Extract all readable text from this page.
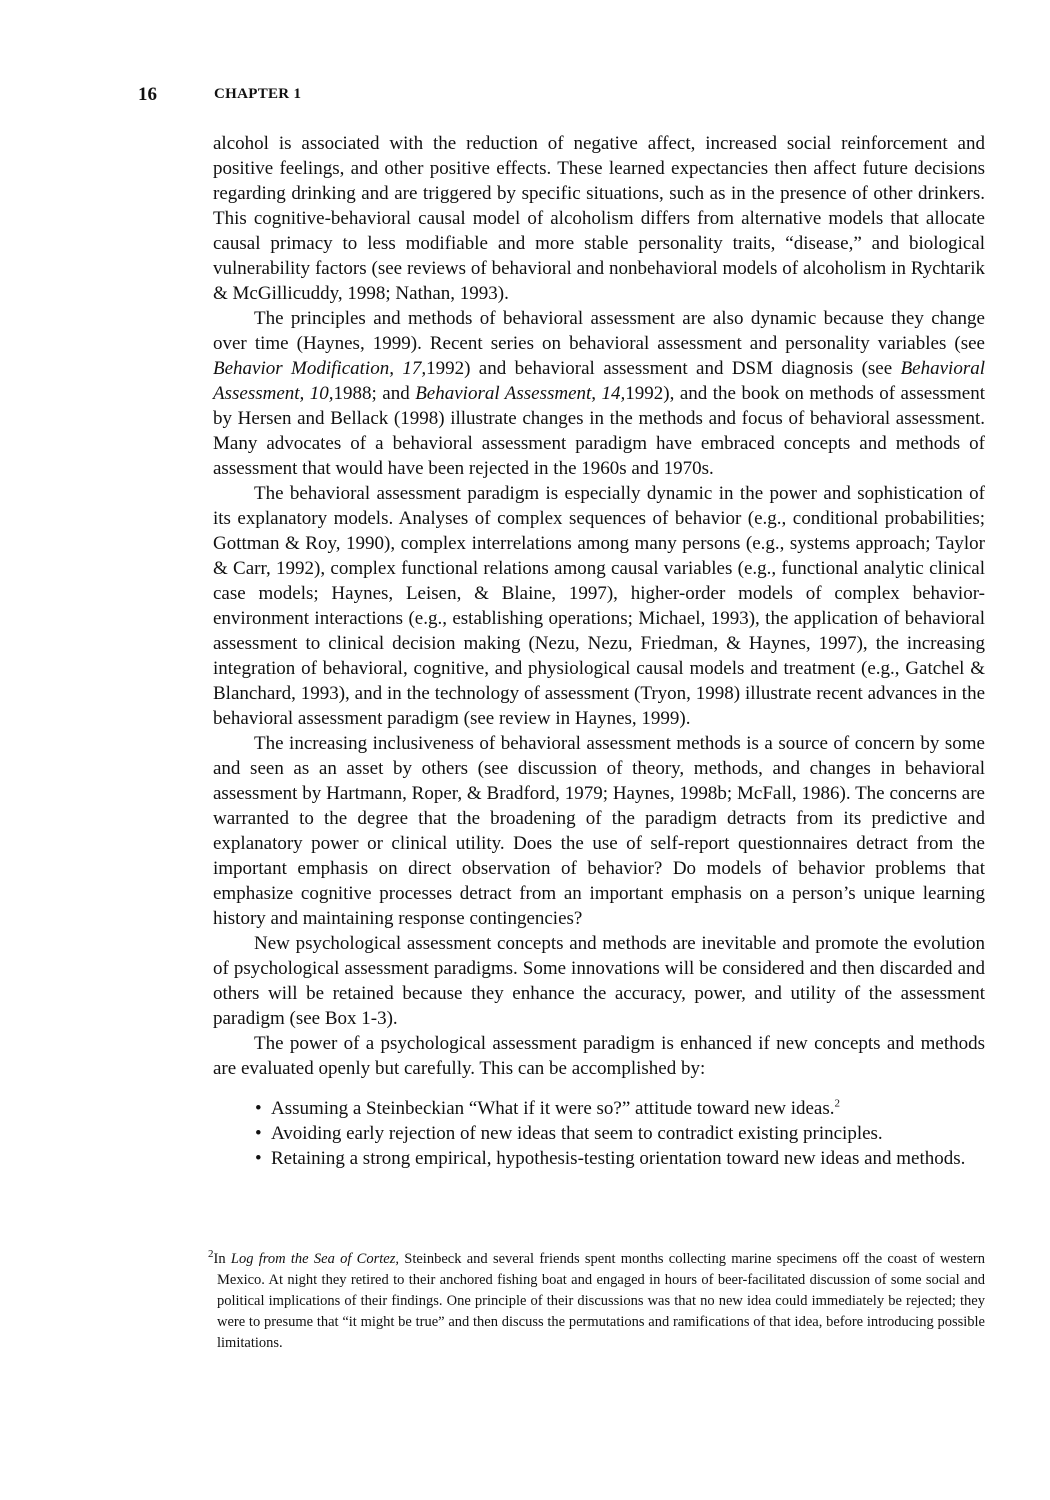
16	CHAPTER 1

alcohol is associated with the reduction of negative affect, increased social reinforcement and positive feelings, and other positive effects. These learned expectancies then affect future decisions regarding drinking and are triggered by specific situations, such as in the presence of other drinkers. This cognitive-behavioral causal model of alcoholism differs from alternative models that allocate causal primacy to less modifiable and more stable personality traits, “disease,” and biological vulnerability factors (see reviews of behavioral and nonbehavioral models of alcoholism in Rychtarik & McGillicuddy, 1998; Nathan, 1993).

The principles and methods of behavioral assessment are also dynamic because they change over time (Haynes, 1999). Recent series on behavioral assessment and personality variables (see Behavior Modification, 17,1992) and behavioral assessment and DSM diagnosis (see Behavioral Assessment, 10,1988; and Behavioral Assessment, 14,1992), and the book on methods of assessment by Hersen and Bellack (1998) illustrate changes in the methods and focus of behavioral assessment. Many advocates of a behavioral assessment paradigm have embraced concepts and methods of assessment that would have been rejected in the 1960s and 1970s.

The behavioral assessment paradigm is especially dynamic in the power and sophistication of its explanatory models. Analyses of complex sequences of behavior (e.g., conditional probabilities; Gottman & Roy, 1990), complex interrelations among many persons (e.g., systems approach; Taylor & Carr, 1992), complex functional relations among causal variables (e.g., functional analytic clinical case models; Haynes, Leisen, & Blaine, 1997), higher-order models of complex behavior-environment interactions (e.g., establishing operations; Michael, 1993), the application of behavioral assessment to clinical decision making (Nezu, Nezu, Friedman, & Haynes, 1997), the increasing integration of behavioral, cognitive, and physiological causal models and treatment (e.g., Gatchel & Blanchard, 1993), and in the technology of assessment (Tryon, 1998) illustrate recent advances in the behavioral assessment paradigm (see review in Haynes, 1999).

The increasing inclusiveness of behavioral assessment methods is a source of concern by some and seen as an asset by others (see discussion of theory, methods, and changes in behavioral assessment by Hartmann, Roper, & Bradford, 1979; Haynes, 1998b; McFall, 1986). The concerns are warranted to the degree that the broadening of the paradigm detracts from its predictive and explanatory power or clinical utility. Does the use of self-report questionnaires detract from the important emphasis on direct observation of behavior? Do models of behavior problems that emphasize cognitive processes detract from an important emphasis on a person’s unique learning history and maintaining response contingencies?

New psychological assessment concepts and methods are inevitable and promote the evolution of psychological assessment paradigms. Some innovations will be considered and then discarded and others will be retained because they enhance the accuracy, power, and utility of the assessment paradigm (see Box 1-3).

The power of a psychological assessment paradigm is enhanced if new concepts and methods are evaluated openly but carefully. This can be accomplished by:

• Assuming a Steinbeckian “What if it were so?” attitude toward new ideas.$^2$
• Avoiding early rejection of new ideas that seem to contradict existing principles.
• Retaining a strong empirical, hypothesis-testing orientation toward new ideas and methods.
$^2$In Log from the Sea of Cortez, Steinbeck and several friends spent months collecting marine specimens off the coast of western Mexico. At night they retired to their anchored fishing boat and engaged in hours of beer-facilitated discussion of some social and political implications of their findings. One principle of their discussions was that no new idea could immediately be rejected; they were to presume that “it might be true” and then discuss the permutations and ramifications of that idea, before introducing possible limitations.
